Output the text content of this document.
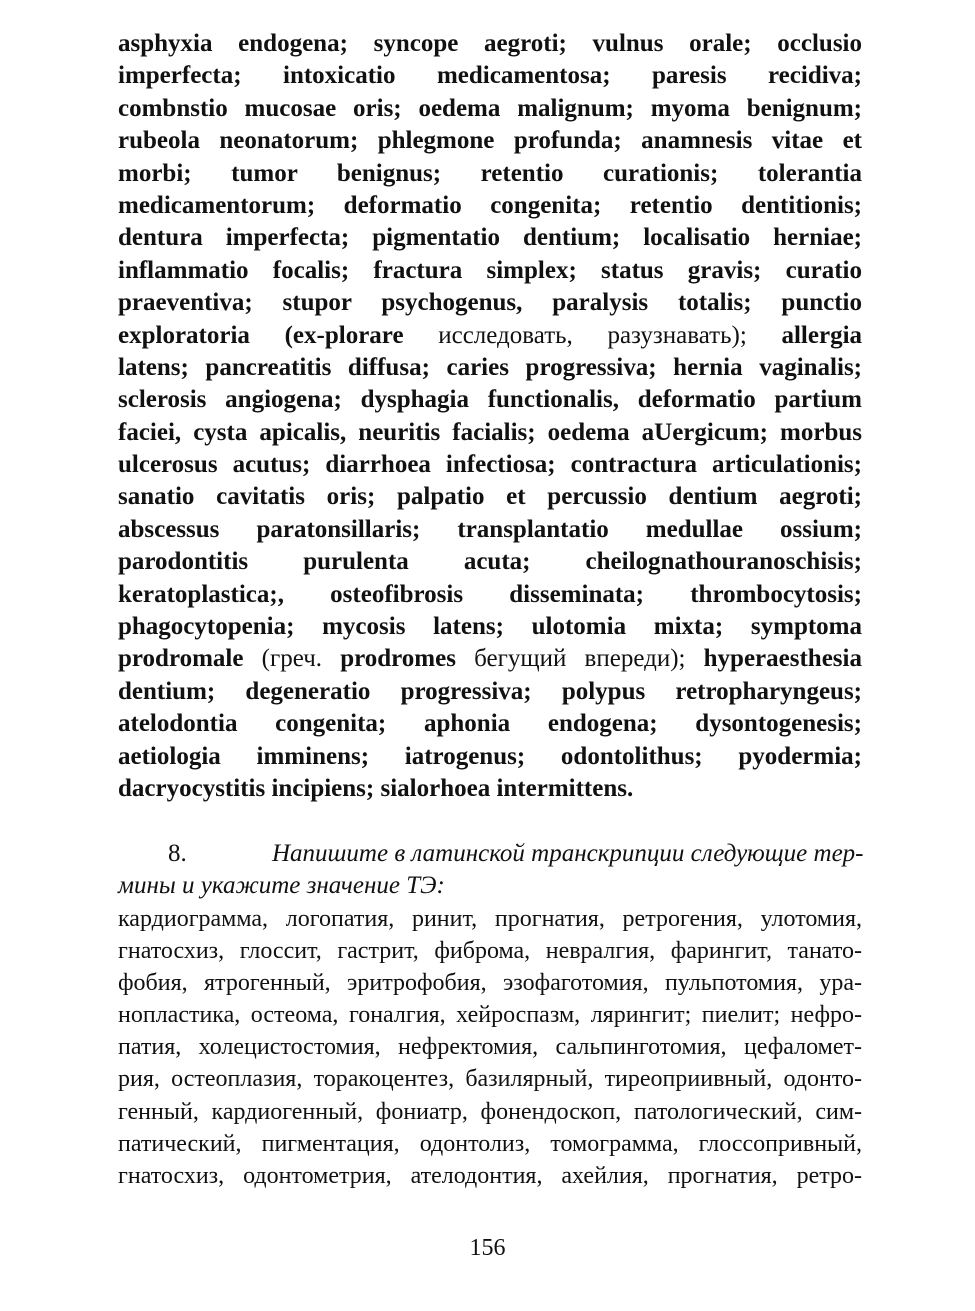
asphyxia endogena; syncope aegroti; vulnus orale; occlusio
imperfecta; intoxicatio medicamentosa; paresis recidiva;
combnstio mucosae oris; oedema malignum; myoma benignum;
rubeola neonatorum; phlegmone profunda; anamnesis vitae et
morbi; tumor benignus; retentio curationis; tolerantia
medicamentorum; deformatio congenita; retentio dentitionis;
dentura imperfecta; pigmentatio dentium; localisatio herniae;
inflammatio focalis; fractura simplex; status gravis; curatio
praeventiva; stupor psychogenus, paralysis totalis; punctio
exploratoria (ex-plorare исследовать, разузнавать); allergia
latens; pancreatitis diffusa; caries progressiva; hernia vaginalis;
sclerosis angiogena; dysphagia functionalis, deformatio partium
faciei, cysta apicalis, neuritis facialis; oedema aUergicum; morbus
ulcerosus acutus; diarrhoea infectiosa; contractura articulationis;
sanatio cavitatis oris; palpatio et percussio dentium aegroti;
abscessus paratonsillaris; transplantatio medullae ossium;
parodontitis purulenta acuta; cheilognathouranoschisis;
keratoplastica;, osteofibrosis disseminata; thrombocytosis;
phagocytopenia; mycosis latens; ulotomia mixta; symptoma
prodromale (греч. prodromes бегущий впереди); hyperaesthesia
dentium; degeneratio progressiva; polypus retropharyngeus;
atelodontia congenita; aphonia endogena; dysontogenesis;
aetiologia imminens; iatrogenus; odontolithus; pyodermia;
dacryocystitis incipiens; sialorhoea intermittens.
8.	Напишите в латинской транскрипции следующие тер-
мины и укажите значение ТЭ:
кардиограмма, логопатия, ринит, прогнатия, ретрогения, улотомия,
гнатосхиз, глоссит, гастрит, фиброма, невралгия, фарингит, танато-
фобия, ятрогенный, эритрофобия, эзофаготомия, пульпотомия, ура-
нопластика, остеома, гоналгия, хейроспазм, лярингит; пиелит; нефро-
патия, холецистостомия, нефректомия, сальпинготомия, цефаломет-
рия, остеоплазия, торакоцентез, базилярный, тиреоприивный, одонто-
генный, кардиогенный, фониатр, фонендоскоп, патологический, сим-
патический, пигментация, одонтолиз, томограмма, глоссопривный,
гнатосхиз, одонтометрия, ателодонтия, ахейлия, прогнатия, ретро-
156
